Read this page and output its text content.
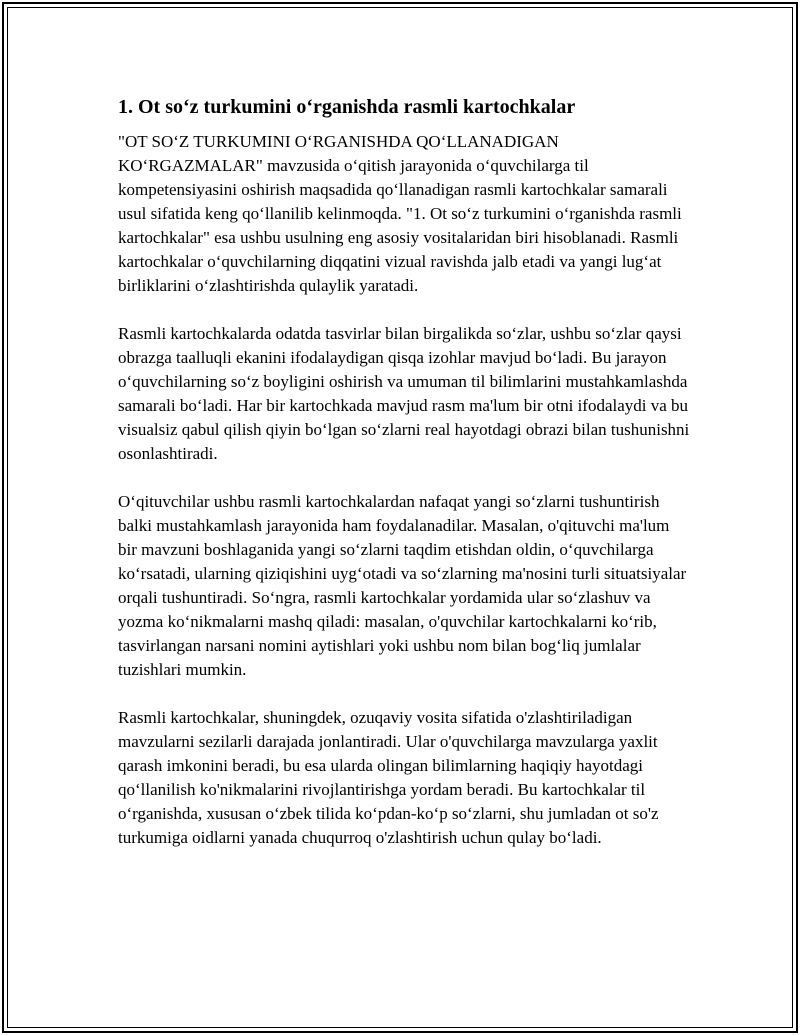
1. Ot so‘z turkumini o‘rganishda rasmli kartochkalar

"OT SO‘Z TURKUMINI O‘RGANISHDA QO‘LLANADIGAN KO‘RGAZMALAR" mavzusida o‘qitish jarayonida o‘quvchilarga til kompetensiyasini oshirish maqsadida qo‘llanadigan rasmli kartochkalar samarali usul sifatida keng qo‘llanilib kelinmoqda. "1. Ot so‘z turkumini o‘rganishda rasmli kartochkalar" esa ushbu usulning eng asosiy vositalaridan biri hisoblanadi. Rasmli kartochkalar o‘quvchilarning diqqatini vizual ravishda jalb etadi va yangi lug‘at birliklarini o‘zlashtirishda qulaylik yaratadi.

Rasmli kartochkalarda odatda tasvirlar bilan birgalikda so‘zlar, ushbu so‘zlar qaysi obrazga taalluqli ekanini ifodalaydigan qisqa izohlar mavjud bo‘ladi. Bu jarayon o‘quvchilarning so‘z boyligini oshirish va umuman til bilimlarini mustahkamlashda samarali bo‘ladi. Har bir kartochkada mavjud rasm ma'lum bir otni ifodalaydi va bu visualsiz qabul qilish qiyin bo‘lgan so‘zlarni real hayotdagi obrazi bilan tushunishni osonlashtiradi.

O‘qituvchilar ushbu rasmli kartochkalardan nafaqat yangi so‘zlarni tushuntirish balki mustahkamlash jarayonida ham foydalanadilar. Masalan, o'qituvchi ma'lum bir mavzuni boshlaganida yangi so‘zlarni taqdim etishdan oldin, o‘quvchilarga ko‘rsatadi, ularning qiziqishini uyg‘otadi va so‘zlarning ma'nosini turli situatsiyalar orqali tushuntiradi. So‘ngra, rasmli kartochkalar yordamida ular so‘zlashuv va yozma ko‘nikmalarni mashq qiladi: masalan, o'quvchilar kartochkalarni ko‘rib, tasvirlangan narsani nomini aytishlari yoki ushbu nom bilan bog‘liq jumlalar tuzishlari mumkin.

Rasmli kartochkalar, shuningdek, ozuqaviy vosita sifatida o'zlashtiriladigan mavzularni sezilarli darajada jonlantiradi. Ular o'quvchilarga mavzularga yaxlit qarash imkonini beradi, bu esa ularda olingan bilimlarning haqiqiy hayotdagi qo‘llanilish ko'nikmalarini rivojlantirishga yordam beradi. Bu kartochkalar til o‘rganishda, xususan o‘zbek tilida ko‘pdan-ko‘p so‘zlarni, shu jumladan ot so'z turkumiga oidlarni yanada chuqurroq o'zlashtirish uchun qulay bo‘ladi.
